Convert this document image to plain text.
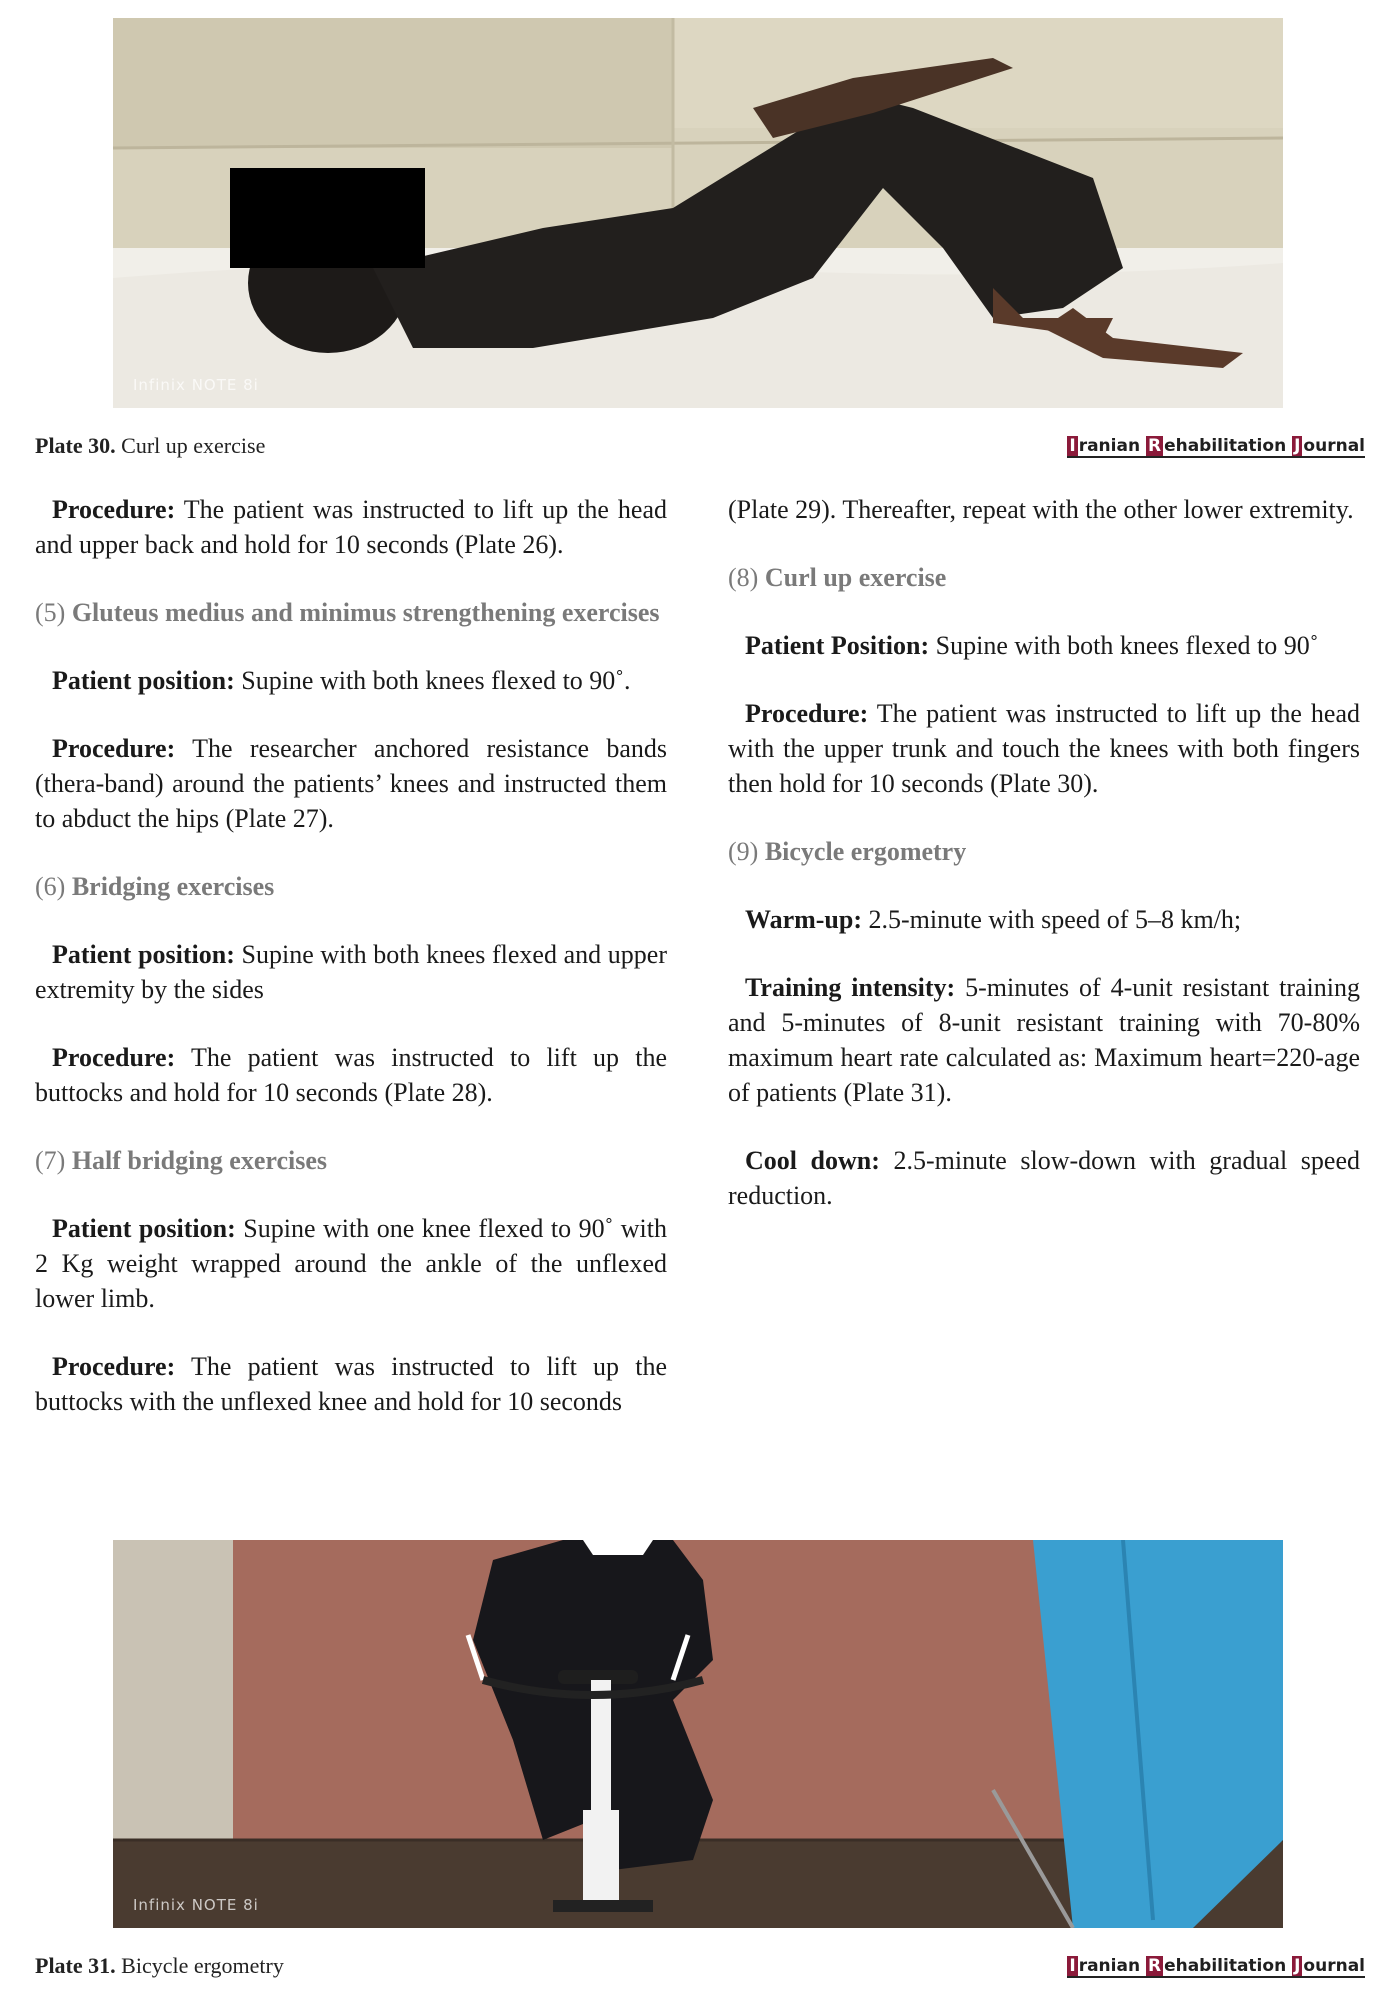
Infinix NOTE 8i
Plate 30. Curl up exercise	I ranian R ehabilitation J ournal

Procedure: The patient was instructed to lift up the head and upper back and hold for 10 seconds (Plate 26).

(5) Gluteus medius and minimus strengthening exercises

Patient position: Supine with both knees flexed to 90˚.

Procedure: The researcher anchored resistance bands (thera-band) around the patients’ knees and instructed them to abduct the hips (Plate 27).

(6) Bridging exercises

Patient position: Supine with both knees flexed and upper extremity by the sides

Procedure: The patient was instructed to lift up the buttocks and hold for 10 seconds (Plate 28).

(7) Half bridging exercises

Patient position: Supine with one knee flexed to 90˚ with 2 Kg weight wrapped around the ankle of the unflexed lower limb.

Procedure: The patient was instructed to lift up the buttocks with the unflexed knee and hold for 10 seconds

(Plate 29). Thereafter, repeat with the other lower extremity.

(8) Curl up exercise

Patient Position: Supine with both knees flexed to 90˚

Procedure: The patient was instructed to lift up the head with the upper trunk and touch the knees with both fingers then hold for 10 seconds (Plate 30).

(9) Bicycle ergometry

Warm-up: 2.5-minute with speed of 5–8 km/h;

Training intensity: 5-minutes of 4-unit resistant training and 5-minutes of 8-unit resistant training with 70-80% maximum heart rate calculated as: Maximum heart=220-age of patients (Plate 31).

Cool down: 2.5-minute slow-down with gradual speed reduction.

Infinix NOTE 8i
Plate 31. Bicycle ergometry	I ranian R ehabilitation J ournal
